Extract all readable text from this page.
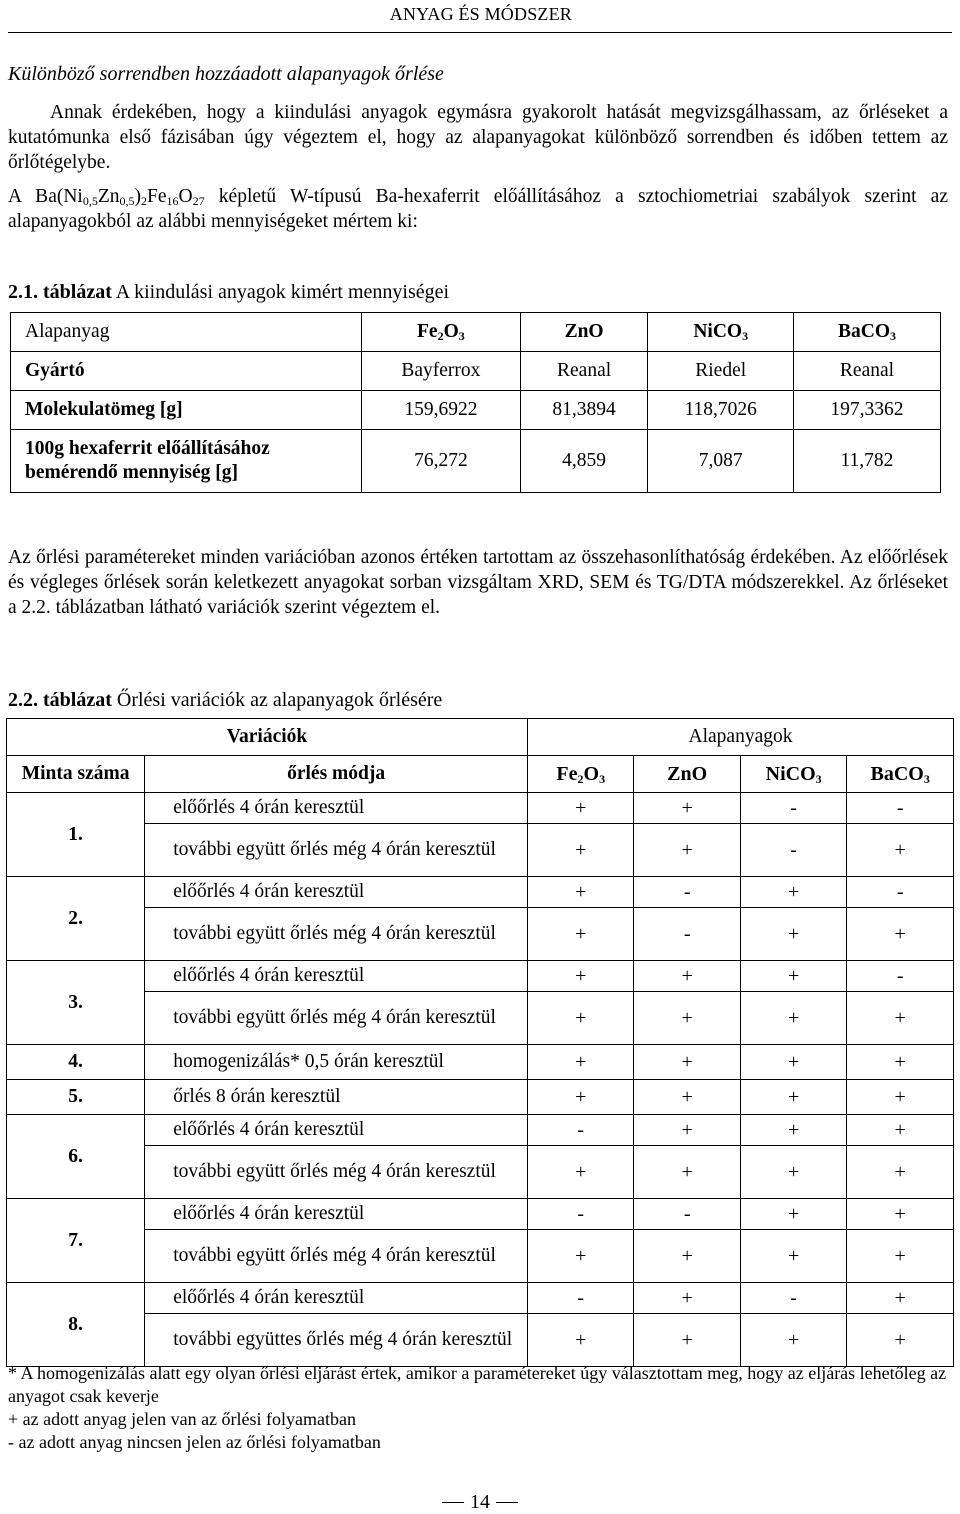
ANYAG ÉS MÓDSZER
Különböző sorrendben hozzáadott alapanyagok őrlése

Annak érdekében, hogy a kiindulási anyagok egymásra gyakorolt hatását megvizsgálhassam, az őrléseket a kutatómunka első fázisában úgy végeztem el, hogy az alapanyagokat különböző sorrendben és időben tettem az őrlőtégelybe.

A $Ba(Ni_{0,5}Zn_{0,5})_2Fe_{16}O_{27}$ képletű W-típusú Ba-hexaferrit előállításához a sztochiometriai szabályok szerint az alapanyagokból az alábbi mennyiségeket mértem ki:

2.1. táblázat A kiindulási anyagok kimért mennyiségei
Alapanyag	$Fe_2O_3$	ZnO	NiCO$_3$	BaCO$_3$
Gyártó	Bayferrox	Reanal	Riedel	Reanal
Molekulatömeg [g]	159,6922	81,3894	118,7026	197,3362
100g hexaferrit előállításához
bemérendő mennyiség [g]	76,272	4,859	7,087	11,782

Az őrlési paramétereket minden variációban azonos értéken tartottam az összehasonlíthatóság érdekében. Az előőrlések és végleges őrlések során keletkezett anyagokat sorban vizsgáltam XRD, SEM és TG/DTA módszerekkel. Az őrléseket a 2.2. táblázatban látható variációk szerint végeztem el.

2.2. táblázat Őrlési variációk az alapanyagok őrlésére
Variációk		Alapanyagok			
Minta száma	őrlés módja	$Fe_2O_3$	ZnO	NiCO$_3$	BaCO$_3$
1.	előőrlés 4 órán keresztül	+	+	-	-
	további együtt őrlés még 4 órán keresztül	+	+	-	+
2.	előőrlés 4 órán keresztül	+	-	+	-
	további együtt őrlés még 4 órán keresztül	+	-	+	+
3.	előőrlés 4 órán keresztül	+	+	+	-
	további együtt őrlés még 4 órán keresztül	+	+	+	+
4.	homogenizálás* 0,5 órán keresztül	+	+	+	+
5.	őrlés 8 órán keresztül	+	+	+	+
6.	előőrlés 4 órán keresztül	-	+	+	+
	további együtt őrlés még 4 órán keresztül	+	+	+	+
7.	előőrlés 4 órán keresztül	-	-	+	+
	további együtt őrlés még 4 órán keresztül	+	+	+	+
8.	előőrlés 4 órán keresztül	-	+	-	+
	további együttes őrlés még 4 órán keresztül	+	+	+	+
* A homogenizálás alatt egy olyan őrlési eljárást értek, amikor a paramétereket úgy választottam meg, hogy az eljárás lehetőleg az anyagot csak keverje
+ az adott anyag jelen van az őrlési folyamatban
- az adott anyag nincsen jelen az őrlési folyamatban
14
